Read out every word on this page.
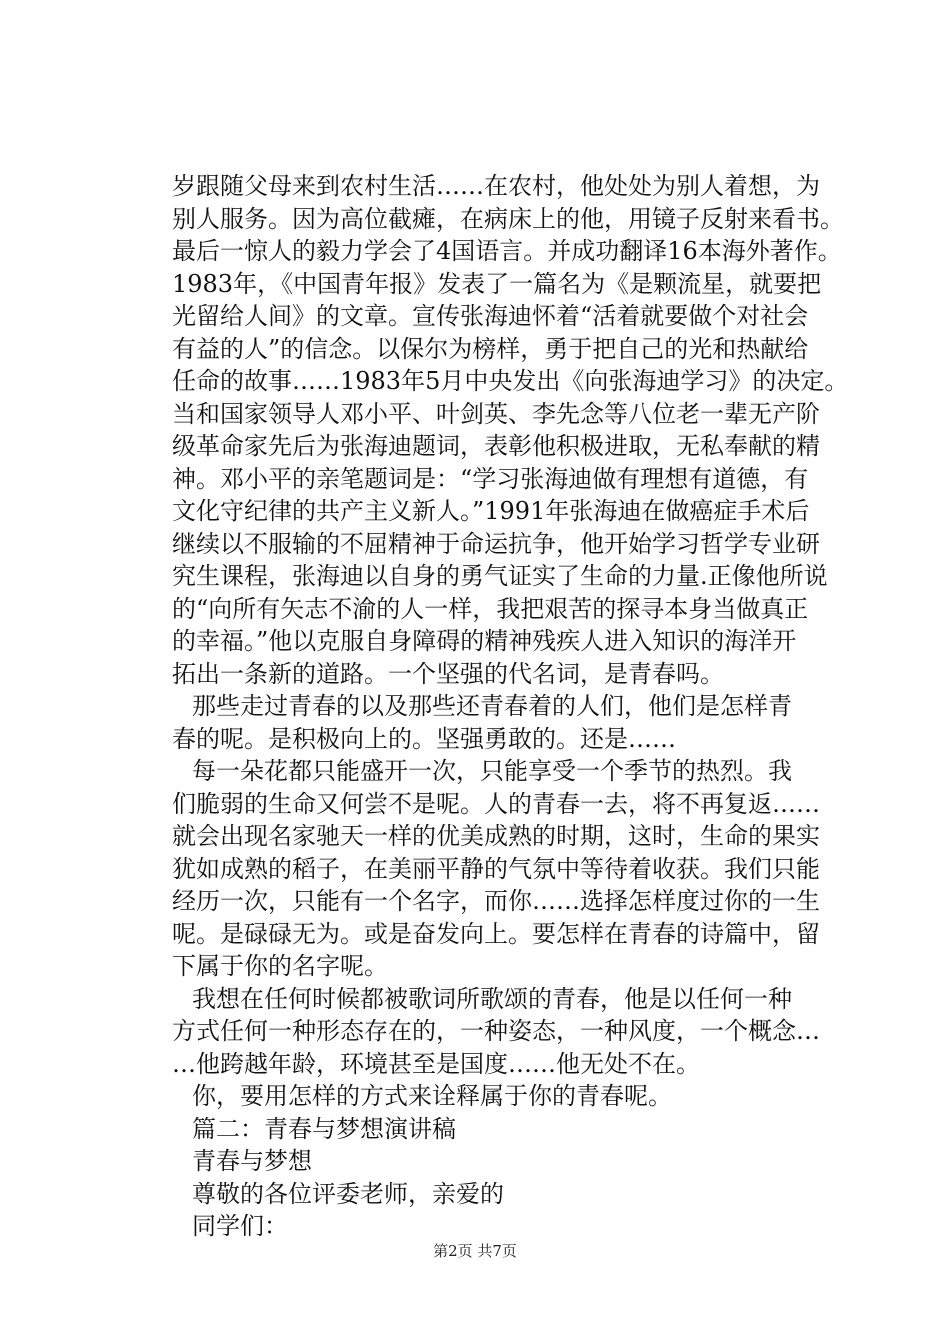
岁跟随父母来到农村生活……在农村，他处处为别人着想，为
别人服务。因为高位截瘫，在病床上的他，用镜子反射来看书。
最后一惊人的毅力学会了4国语言。并成功翻译16本海外著作。
1983年，《中国青年报》发表了一篇名为《是颗流星，就要把
光留给人间》的文章。宣传张海迪怀着“活着就要做个对社会
有益的人”的信念。以保尔为榜样，勇于把自己的光和热献给
任命的故事……1983年5月中央发出《向张海迪学习》的决定。
当和国家领导人邓小平、叶剑英、李先念等八位老一辈无产阶
级革命家先后为张海迪题词，表彰他积极进取，无私奉献的精
神。邓小平的亲笔题词是：“学习张海迪做有理想有道德，有
文化守纪律的共产主义新人。”1991年张海迪在做癌症手术后
继续以不服输的不屈精神于命运抗争，他开始学习哲学专业研
究生课程，张海迪以自身的勇气证实了生命的力量.正像他所说
的“向所有矢志不渝的人一样，我把艰苦的探寻本身当做真正
的幸福。”他以克服自身障碍的精神残疾人进入知识的海洋开
拓出一条新的道路。一个坚强的代名词，是青春吗。
那些走过青春的以及那些还青春着的人们，他们是怎样青
春的呢。是积极向上的。坚强勇敢的。还是……
每一朵花都只能盛开一次，只能享受一个季节的热烈。我
们脆弱的生命又何尝不是呢。人的青春一去，将不再复返……
就会出现名家驰天一样的优美成熟的时期，这时，生命的果实
犹如成熟的稻子，在美丽平静的气氛中等待着收获。我们只能
经历一次，只能有一个名字，而你……选择怎样度过你的一生
呢。是碌碌无为。或是奋发向上。要怎样在青春的诗篇中，留
下属于你的名字呢。
我想在任何时候都被歌词所歌颂的青春，他是以任何一种
方式任何一种形态存在的，一种姿态，一种风度，一个概念…
…他跨越年龄，环境甚至是国度……他无处不在。
你，要用怎样的方式来诠释属于你的青春呢。
篇二：青春与梦想演讲稿
青春与梦想
尊敬的各位评委老师，亲爱的
同学们：
第2页 共7页
